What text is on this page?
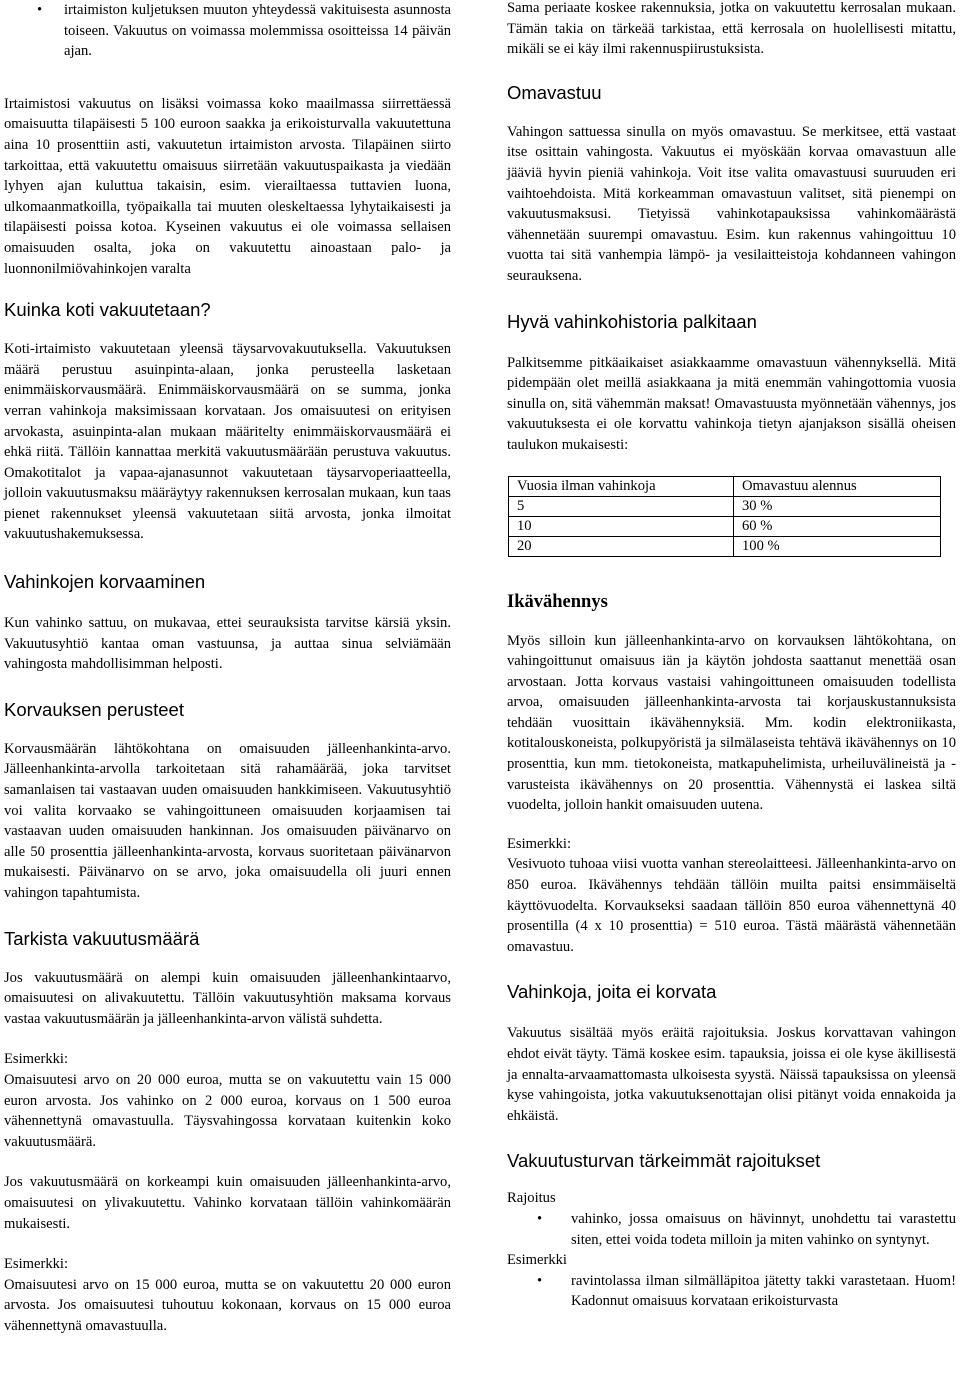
• irtaimiston kuljetuksen muuton yhteydessä vakituisesta asunnosta toiseen. Vakuutus on voimassa molemmissa osoitteissa 14 päivän ajan.

Irtaimistosi vakuutus on lisäksi voimassa koko maailmassa siirrettäessä omaisuutta tilapäisesti 5 100 euroon saakka ja erikoisturvalla vakuutettuna aina 10 prosenttiin asti, vakuutetun irtaimiston arvosta. Tilapäinen siirto tarkoittaa, että vakuutettu omaisuus siirretään vakuutuspaikasta ja viedään lyhyen ajan kuluttua takaisin, esim. vierailtaessa tuttavien luona, ulkomaanmatkoilla, työpaikalla tai muuten oleskeltaessa lyhytaikaisesti ja tilapäisesti poissa kotoa. Kyseinen vakuutus ei ole voimassa sellaisen omaisuuden osalta, joka on vakuutettu ainoastaan palo- ja luonnonilmiövahinkojen varalta

Kuinka koti vakuutetaan?

Koti-irtaimisto vakuutetaan yleensä täysarvovakuutuksella. Vakuutuksen määrä perustuu asuinpinta-alaan, jonka perusteella lasketaan enimmäiskorvausmäärä. Enimmäiskorvausmäärä on se summa, jonka verran vahinkoja maksimissaan korvataan. Jos omaisuutesi on erityisen arvokasta, asuinpinta-alan mukaan määritelty enimmäiskorvausmäärä ei ehkä riitä. Tällöin kannattaa merkitä vakuutusmäärään perustuva vakuutus. Omakotitalot ja vapaa-ajanasunnot vakuutetaan täysarvoperiaatteella, jolloin vakuutusmaksu määräytyy rakennuksen kerrosalan mukaan, kun taas pienet rakennukset yleensä vakuutetaan siitä arvosta, jonka ilmoitat vakuutushakemuksessa.

Vahinkojen korvaaminen

Kun vahinko sattuu, on mukavaa, ettei seurauksista tarvitse kärsiä yksin. Vakuutusyhtiö kantaa oman vastuunsa, ja auttaa sinua selviämään vahingosta mahdollisimman helposti.

Korvauksen perusteet

Korvausmäärän lähtökohtana on omaisuuden jälleenhankinta-arvo. Jälleenhankinta-arvolla tarkoitetaan sitä rahamäärää, joka tarvitset samanlaisen tai vastaavan uuden omaisuuden hankkimiseen. Vakuutusyhtiö voi valita korvaako se vahingoittuneen omaisuuden korjaamisen tai vastaavan uuden omaisuuden hankinnan. Jos omaisuuden päivänarvo on alle 50 prosenttia jälleenhankinta-arvosta, korvaus suoritetaan päivänarvon mukaisesti. Päivänarvo on se arvo, joka omaisuudella oli juuri ennen vahingon tapahtumista.

Tarkista vakuutusmäärä

Jos vakuutusmäärä on alempi kuin omaisuuden jälleenhankintaarvo, omaisuutesi on alivakuutettu. Tällöin vakuutusyhtiön maksama korvaus vastaa vakuutusmäärän ja jälleenhankinta-arvon välistä suhdetta.

Esimerkki:

Omaisuutesi arvo on 20 000 euroa, mutta se on vakuutettu vain 15 000 euron arvosta. Jos vahinko on 2 000 euroa, korvaus on 1 500 euroa vähennettynä omavastuulla. Täysvahingossa korvataan kuitenkin koko vakuutusmäärä.

Jos vakuutusmäärä on korkeampi kuin omaisuuden jälleenhankinta-arvo, omaisuutesi on ylivakuutettu. Vahinko korvataan tällöin vahinkomäärän mukaisesti.

Esimerkki:

Omaisuutesi arvo on 15 000 euroa, mutta se on vakuutettu 20 000 euron arvosta. Jos omaisuutesi tuhoutuu kokonaan, korvaus on 15 000 euroa vähennettynä omavastuulla.

Sama periaate koskee rakennuksia, jotka on vakuutettu kerrosalan mukaan. Tämän takia on tärkeää tarkistaa, että kerrosala on huolellisesti mitattu, mikäli se ei käy ilmi rakennuspiirustuksista.

Omavastuu

Vahingon sattuessa sinulla on myös omavastuu. Se merkitsee, että vastaat itse osittain vahingosta. Vakuutus ei myöskään korvaa omavastuun alle jääviä hyvin pieniä vahinkoja. Voit itse valita omavastuusi suuruuden eri vaihtoehdoista. Mitä korkeamman omavastuun valitset, sitä pienempi on vakuutusmaksusi. Tietyissä vahinkotapauksissa vahinkomäärästä vähennetään suurempi omavastuu. Esim. kun rakennus vahingoittuu 10 vuotta tai sitä vanhempia lämpö- ja vesilaitteistoja kohdanneen vahingon seurauksena.

Hyvä vahinkohistoria palkitaan

Palkitsemme pitkäaikaiset asiakkaamme omavastuun vähennyksellä. Mitä pidempään olet meillä asiakkaana ja mitä enemmän vahingottomia vuosia sinulla on, sitä vähemmän maksat! Omavastuusta myönnetään vähennys, jos vakuutuksesta ei ole korvattu vahinkoja tietyn ajanjakson sisällä oheisen taulukon mukaisesti:

Vuosia ilman vahinkoja	Omavastuu alennus
5	30 %
10	60 %
20	100 %
Ikävähennys

Myös silloin kun jälleenhankinta-arvo on korvauksen lähtökohtana, on vahingoittunut omaisuus iän ja käytön johdosta saattanut menettää osan arvostaan. Jotta korvaus vastaisi vahingoittuneen omaisuuden todellista arvoa, omaisuuden jälleenhankinta-arvosta tai korjauskustannuksista tehdään vuosittain ikävähennyksiä. Mm. kodin elektroniikasta, kotitalouskoneista, polkupyöristä ja silmälaseista tehtävä ikävähennys on 10 prosenttia, kun mm. tietokoneista, matkapuhelimista, urheiluvälineistä ja -varusteista ikävähennys on 20 prosenttia. Vähennystä ei laskea siltä vuodelta, jolloin hankit omaisuuden uutena.

Esimerkki:

Vesivuoto tuhoaa viisi vuotta vanhan stereolaitteesi. Jälleenhankinta-arvo on 850 euroa. Ikävähennys tehdään tällöin muilta paitsi ensimmäiseltä käyttövuodelta. Korvaukseksi saadaan tällöin 850 euroa vähennettynä 40 prosentilla (4 x 10 prosenttia) = 510 euroa. Tästä määrästä vähennetään omavastuu.

Vahinkoja, joita ei korvata

Vakuutus sisältää myös eräitä rajoituksia. Joskus korvattavan vahingon ehdot eivät täyty. Tämä koskee esim. tapauksia, joissa ei ole kyse äkillisestä ja ennalta-arvaamattomasta ulkoisesta syystä. Näissä tapauksissa on yleensä kyse vahingoista, jotka vakuutuksenottajan olisi pitänyt voida ennakoida ja ehkäistä.

Vakuutusturvan tärkeimmät rajoitukset

Rajoitus

• vahinko, jossa omaisuus on hävinnyt, unohdettu tai varastettu siten, ettei voida todeta milloin ja miten vahinko on syntynyt.

Esimerkki

• ravintolassa ilman silmälläpitoa jätetty takki varastetaan. Huom! Kadonnut omaisuus korvataan erikoisturvasta
